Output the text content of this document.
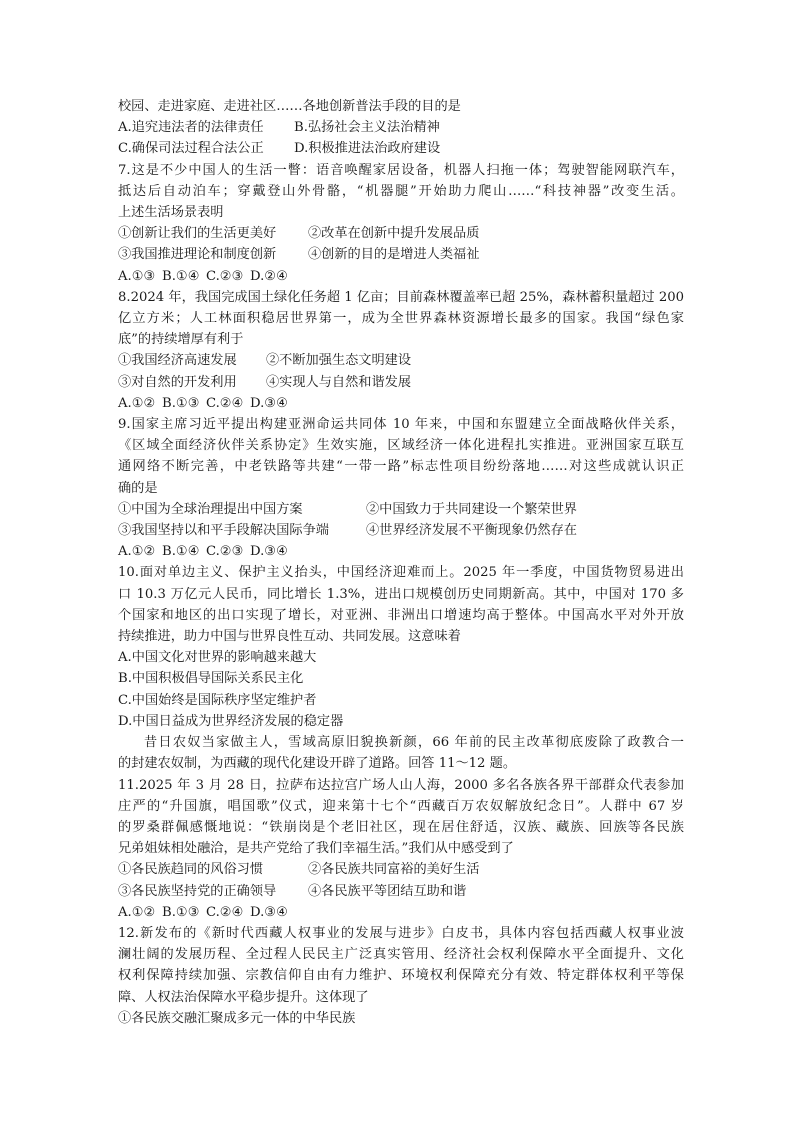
校园、走进家庭、走进社区……各地创新普法手段的目的是
A.追究违法者的法律责任	B.弘扬社会主义法治精神
C.确保司法过程合法公正	D.积极推进法治政府建设
7.这是不少中国人的生活一瞥：语音唤醒家居设备，机器人扫拖一体；驾驶智能网联汽车，
抵达后自动泊车；穿戴登山外骨骼，“机器腿”开始助力爬山……“科技神器”改变生活。
上述生活场景表明
①创新让我们的生活更美好	②改革在创新中提升发展品质
③我国推进理论和制度创新	④创新的目的是增进人类福祉
A.①③ B.①④ C.②③ D.②④
8.2024 年，我国完成国土绿化任务超 1 亿亩；目前森林覆盖率已超 25%，森林蓄积量超过 200
亿立方米；人工林面积稳居世界第一，成为全世界森林资源增长最多的国家。我国“绿色家
底”的持续增厚有利于
①我国经济高速发展	②不断加强生态文明建设
③对自然的开发利用	④实现人与自然和谐发展
A.①② B.①③ C.②④ D.③④
9.国家主席习近平提出构建亚洲命运共同体 10 年来，中国和东盟建立全面战略伙伴关系，
《区域全面经济伙伴关系协定》生效实施，区域经济一体化进程扎实推进。亚洲国家互联互
通网络不断完善，中老铁路等共建“一带一路”标志性项目纷纷落地……对这些成就认识正
确的是
①中国为全球治理提出中国方案	②中国致力于共同建设一个繁荣世界
③我国坚持以和平手段解决国际争端	④世界经济发展不平衡现象仍然存在
A.①② B.①④ C.②③ D.③④
10.面对单边主义、保护主义抬头，中国经济迎难而上。2025 年一季度，中国货物贸易进出
口 10.3 万亿元人民币，同比增长 1.3%，进出口规模创历史同期新高。其中，中国对 170 多
个国家和地区的出口实现了增长，对亚洲、非洲出口增速均高于整体。中国高水平对外开放
持续推进，助力中国与世界良性互动、共同发展。这意味着
A.中国文化对世界的影响越来越大
B.中国积极倡导国际关系民主化
C.中国始终是国际秩序坚定维护者
D.中国日益成为世界经济发展的稳定器
昔日农奴当家做主人，雪域高原旧貌换新颜，66 年前的民主改革彻底废除了政教合一
的封建农奴制，为西藏的现代化建设开辟了道路。回答 11～12 题。
11.2025 年 3 月 28 日，拉萨布达拉宫广场人山人海，2000 多名各族各界干部群众代表参加
庄严的“升国旗，唱国歌”仪式，迎来第十七个“西藏百万农奴解放纪念日”。人群中 67 岁
的罗桑群佩感慨地说：“铁崩岗是个老旧社区，现在居住舒适，汉族、藏族、回族等各民族
兄弟姐妹相处融洽，是共产党给了我们幸福生活。”我们从中感受到了
①各民族趋同的风俗习惯	②各民族共同富裕的美好生活
③各民族坚持党的正确领导	④各民族平等团结互助和谐
A.①② B.①③ C.②④ D.③④
12.新发布的《新时代西藏人权事业的发展与进步》白皮书，具体内容包括西藏人权事业波
澜壮阔的发展历程、全过程人民民主广泛真实管用、经济社会权利保障水平全面提升、文化
权利保障持续加强、宗教信仰自由有力维护、环境权利保障充分有效、特定群体权利平等保
障、人权法治保障水平稳步提升。这体现了
①各民族交融汇聚成多元一体的中华民族
